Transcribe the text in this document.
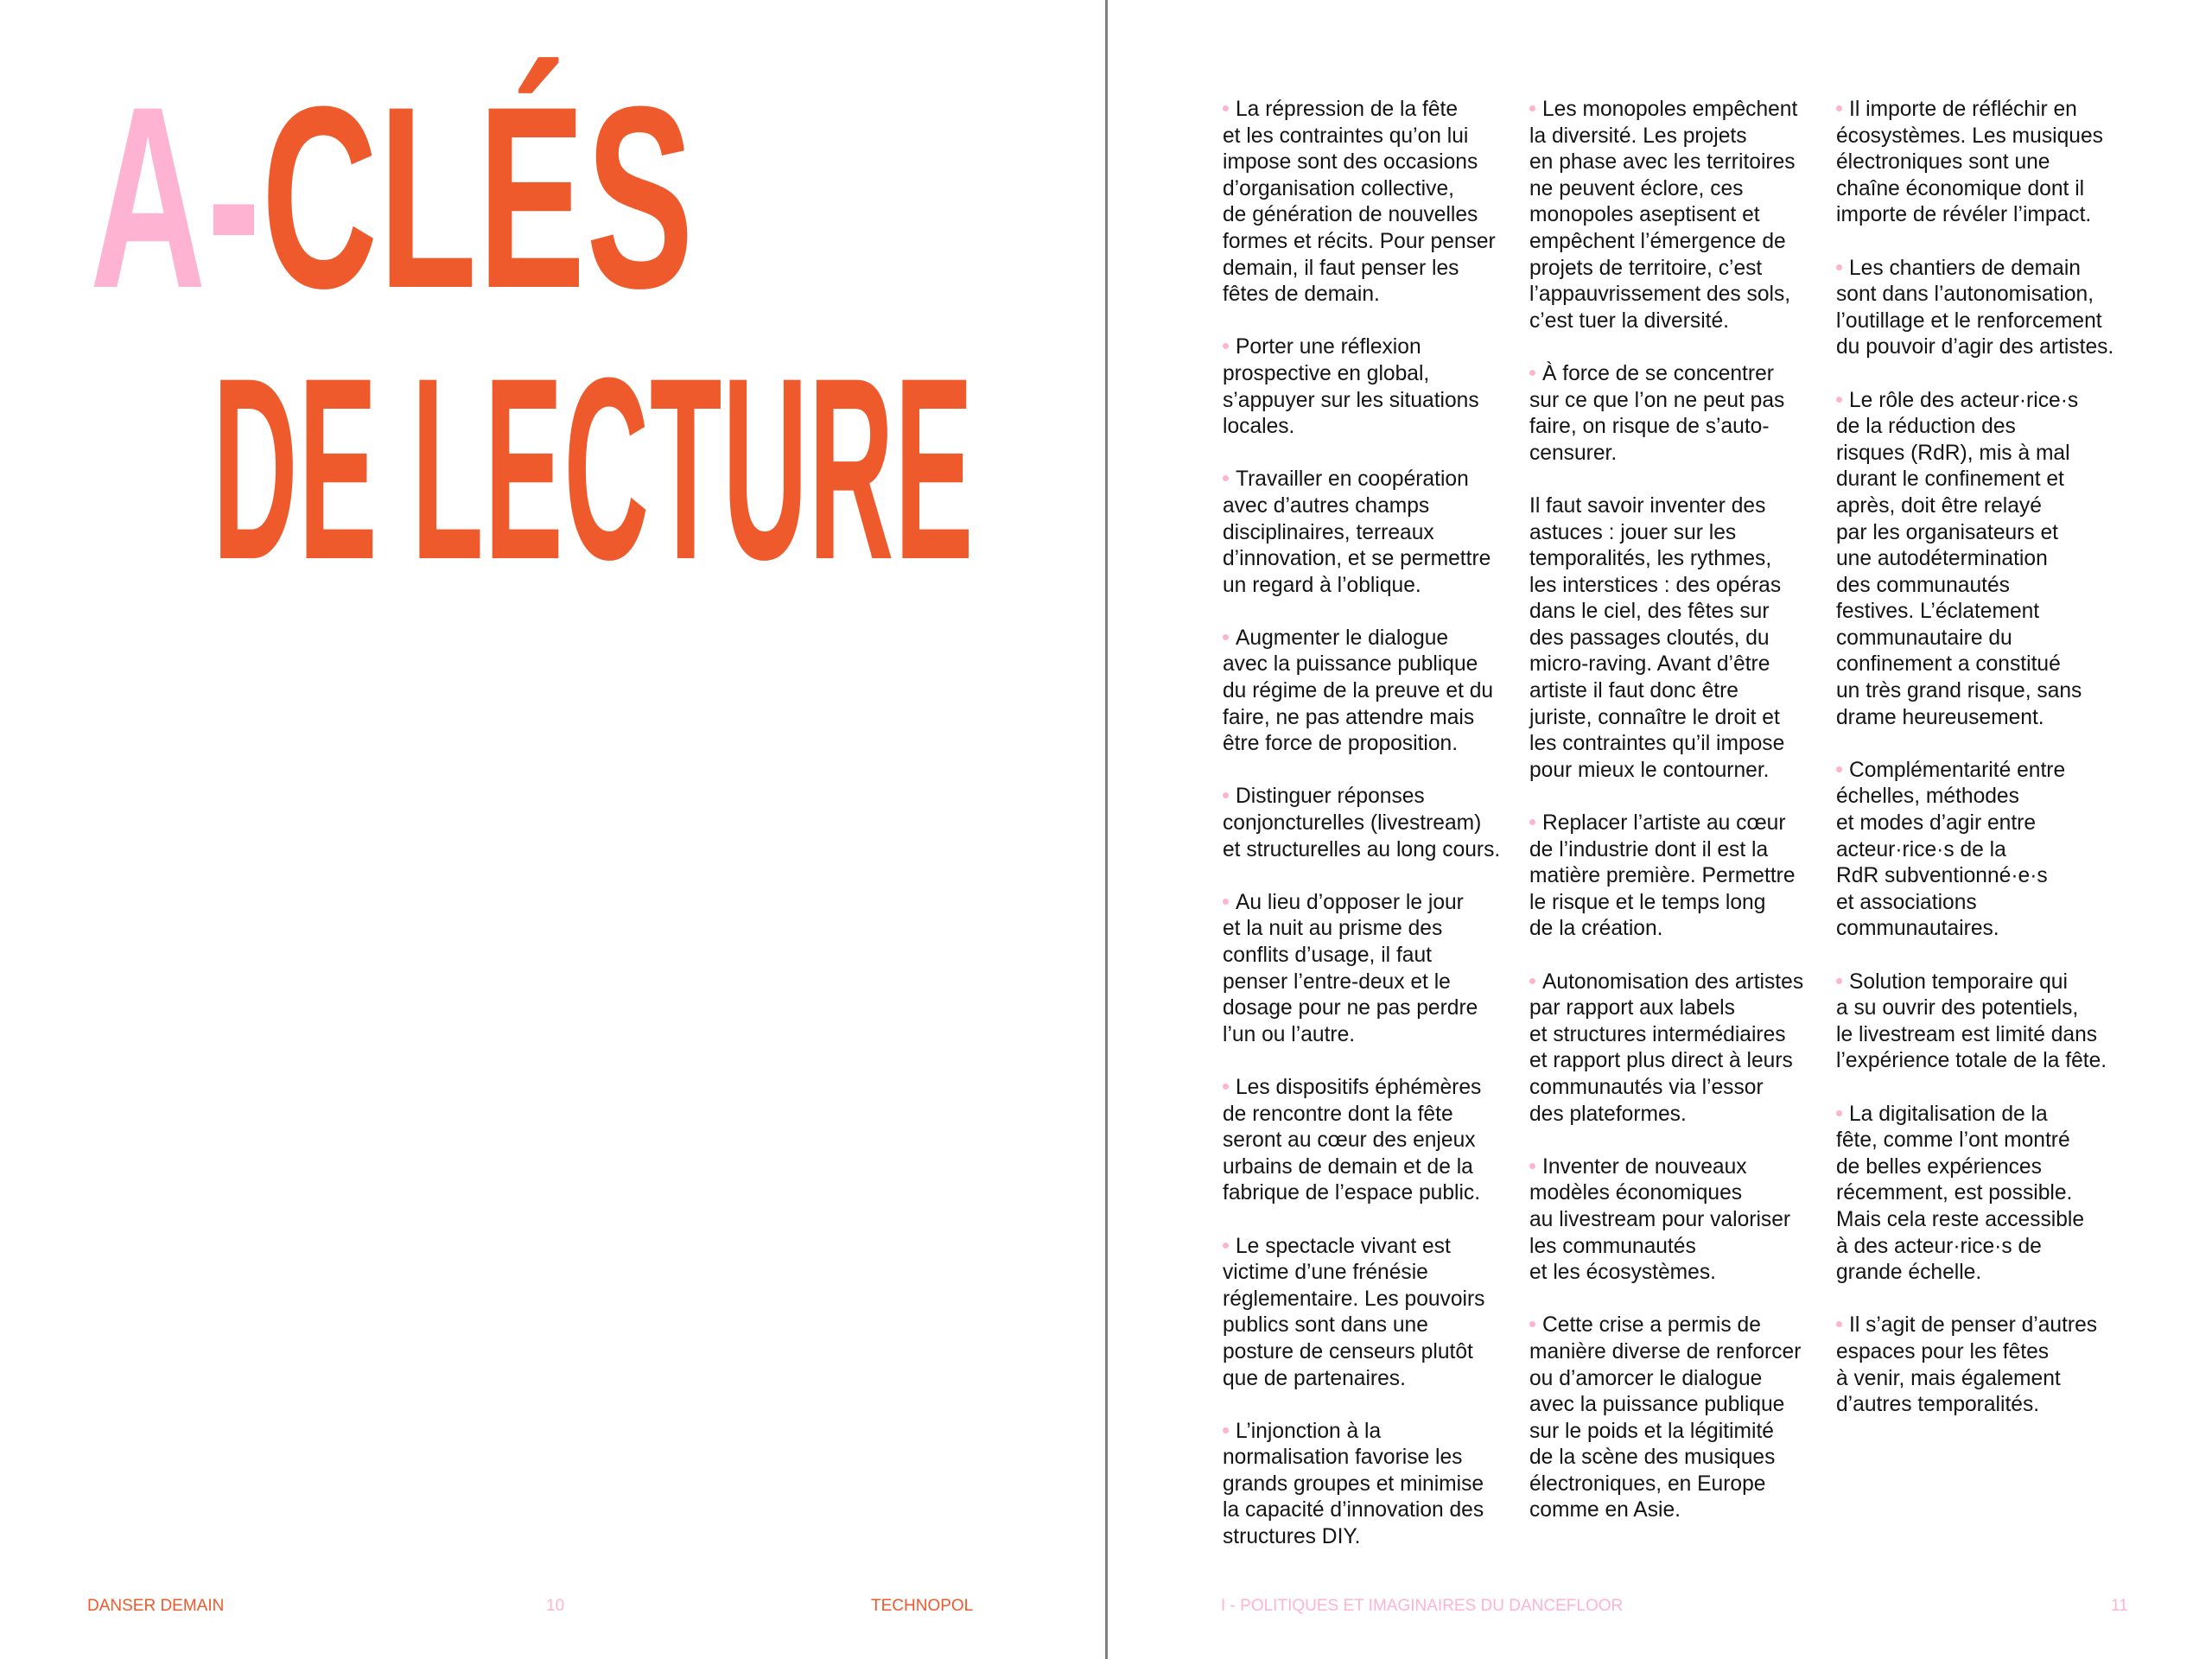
A-CLÉS
DE LECTURE
DANSER DEMAIN	10	TECHNOPOL

La répression de la fête
et les contraintes qu’on lui
impose sont des occasions
d’organisation collective,
de génération de nouvelles
formes et récits. Pour penser
demain, il faut penser les
fêtes de demain.

Porter une réflexion
prospective en global,
s’appuyer sur les situations
locales.

Travailler en coopération
avec d’autres champs
disciplinaires, terreaux
d’innovation, et se permettre
un regard à l’oblique.

Augmenter le dialogue
avec la puissance publique
du régime de la preuve et du
faire, ne pas attendre mais
être force de proposition.

Distinguer réponses
conjoncturelles (livestream)
et structurelles au long cours.

Au lieu d’opposer le jour
et la nuit au prisme des
conflits d’usage, il faut
penser l’entre-deux et le
dosage pour ne pas perdre
l’un ou l’autre.

Les dispositifs éphémères
de rencontre dont la fête
seront au cœur des enjeux
urbains de demain et de la
fabrique de l’espace public.

Le spectacle vivant est
victime d’une frénésie
réglementaire. Les pouvoirs
publics sont dans une
posture de censeurs plutôt
que de partenaires.

L’injonction à la
normalisation favorise les
grands groupes et minimise
la capacité d’innovation des
structures DIY.

Les monopoles empêchent
la diversité. Les projets
en phase avec les territoires
ne peuvent éclore, ces
monopoles aseptisent et
empêchent l’émergence de
projets de territoire, c’est
l’appauvrissement des sols,
c’est tuer la diversité.

À force de se concentrer
sur ce que l’on ne peut pas
faire, on risque de s’auto-
censurer.

Il faut savoir inventer des
astuces : jouer sur les
temporalités, les rythmes,
les interstices : des opéras
dans le ciel, des fêtes sur
des passages cloutés, du
micro-raving. Avant d’être
artiste il faut donc être
juriste, connaître le droit et
les contraintes qu’il impose
pour mieux le contourner.

Replacer l’artiste au cœur
de l’industrie dont il est la
matière première. Permettre
le risque et le temps long
de la création.

Autonomisation des artistes
par rapport aux labels
et structures intermédiaires
et rapport plus direct à leurs
communautés via l’essor
des plateformes.

Inventer de nouveaux
modèles économiques
au livestream pour valoriser
les communautés
et les écosystèmes.

Cette crise a permis de
manière diverse de renforcer
ou d’amorcer le dialogue
avec la puissance publique
sur le poids et la légitimité
de la scène des musiques
électroniques, en Europe
comme en Asie.

Il importe de réfléchir en
écosystèmes. Les musiques
électroniques sont une
chaîne économique dont il
importe de révéler l’impact.

Les chantiers de demain
sont dans l’autonomisation,
l’outillage et le renforcement
du pouvoir d’agir des artistes.

Le rôle des acteur·rice·s
de la réduction des
risques (RdR), mis à mal
durant le confinement et
après, doit être relayé
par les organisateurs et
une autodétermination
des communautés
festives. L’éclatement
communautaire du
confinement a constitué
un très grand risque, sans
drame heureusement.

Complémentarité entre
échelles, méthodes
et modes d’agir entre
acteur·rice·s de la
RdR subventionné·e·s
et associations
communautaires.

Solution temporaire qui
a su ouvrir des potentiels,
le livestream est limité dans
l’expérience totale de la fête.

La digitalisation de la
fête, comme l’ont montré
de belles expériences
récemment, est possible.
Mais cela reste accessible
à des acteur·rice·s de
grande échelle.

Il s’agit de penser d’autres
espaces pour les fêtes
à venir, mais également
d’autres temporalités.

I - POLITIQUES ET IMAGINAIRES DU DANCEFLOOR	11
